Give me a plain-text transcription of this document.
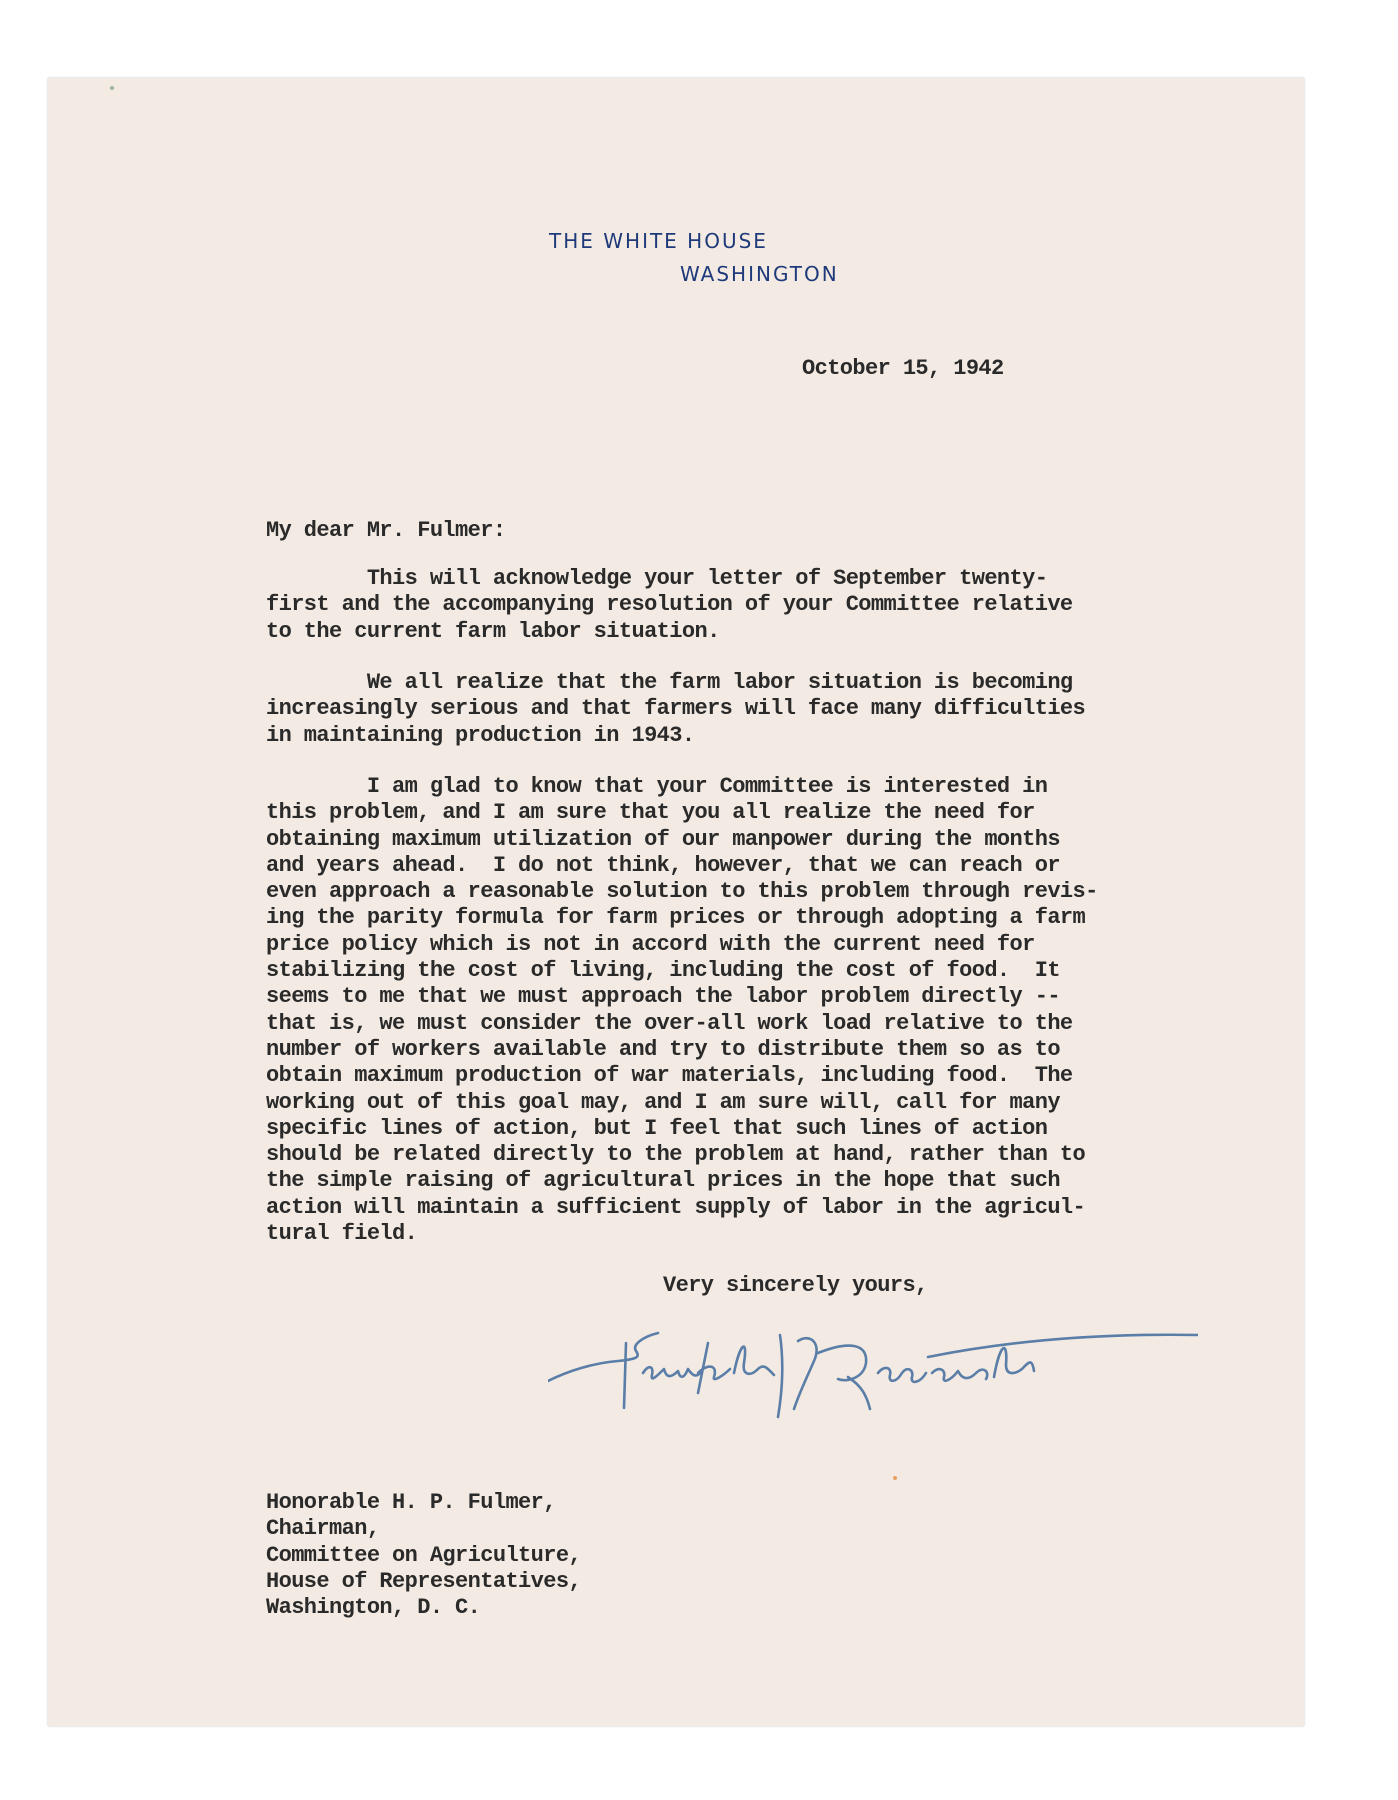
THE WHITE HOUSE
WASHINGTON
October 15, 1942
My dear Mr. Fulmer:
This will acknowledge your letter of September twenty-
first and the accompanying resolution of your Committee relative
to the current farm labor situation.
We all realize that the farm labor situation is becoming
increasingly serious and that farmers will face many difficulties
in maintaining production in 1943.
I am glad to know that your Committee is interested in
this problem, and I am sure that you all realize the need for
obtaining maximum utilization of our manpower during the months
and years ahead.  I do not think, however, that we can reach or
even approach a reasonable solution to this problem through revis-
ing the parity formula for farm prices or through adopting a farm
price policy which is not in accord with the current need for
stabilizing the cost of living, including the cost of food.  It
seems to me that we must approach the labor problem directly --
that is, we must consider the over-all work load relative to the
number of workers available and try to distribute them so as to
obtain maximum production of war materials, including food.  The
working out of this goal may, and I am sure will, call for many
specific lines of action, but I feel that such lines of action
should be related directly to the problem at hand, rather than to
the simple raising of agricultural prices in the hope that such
action will maintain a sufficient supply of labor in the agricul-
tural field.
Very sincerely yours,
Honorable H. P. Fulmer,
Chairman,
Committee on Agriculture,
House of Representatives,
Washington, D. C.
